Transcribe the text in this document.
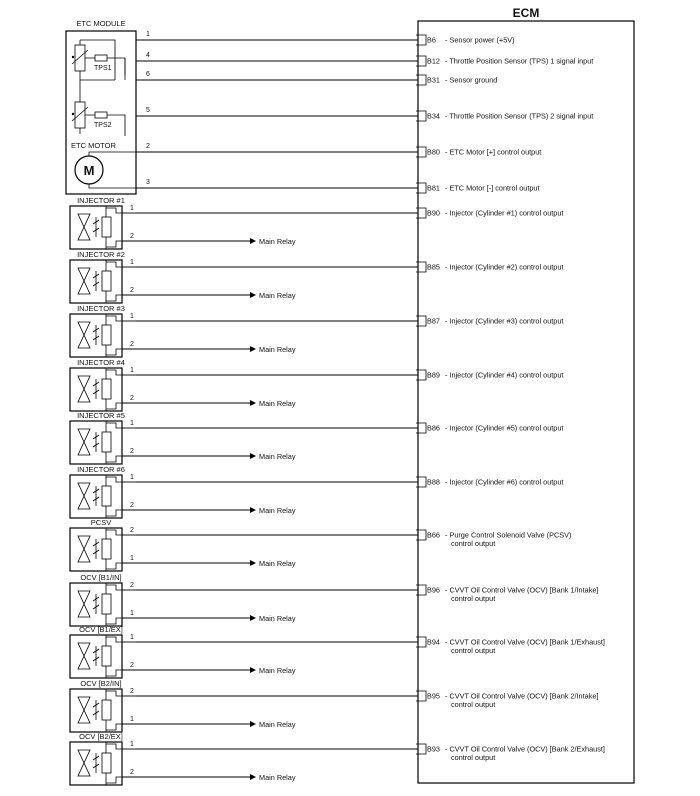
ECM
ETC MODULE
TPS1
TPS2
ETC MOTOR
M
1
B6 - Sensor power (+5V)
4
B12 - Throttle Position Sensor (TPS) 1 signal input
6
B31 - Sensor ground
5
B34 - Throttle Position Sensor (TPS) 2 signal input
2
B80 - ETC Motor [+] control output
3
B81 - ETC Motor [-] control output
INJECTOR #1
1	B90 - Injector (Cylinder #1) control output
2
Main Relay
INJECTOR #2
1	B85 - Injector (Cylinder #2) control output
2
Main Relay
INJECTOR #3
1	B87 - Injector (Cylinder #3) control output
2
Main Relay
INJECTOR #4
1	B89 - Injector (Cylinder #4) control output
2
Main Relay
INJECTOR #5
1	B86 - Injector (Cylinder #5) control output
2
Main Relay
INJECTOR #6
1	B88 - Injector (Cylinder #6) control output
2
Main Relay
PCSV
2	B66 - Purge Control Solenoid Valve (PCSV)
control output
1
Main Relay
OCV [B1/IN]
2	B96 - CVVT Oil Control Valve (OCV) [Bank 1/Intake]
control output
1
Main Relay
OCV [B1/EX]
1	B94 - CVVT Oil Control Valve (OCV) [Bank 1/Exhaust]
control output
2
Main Relay
OCV [B2/IN]
2	B95 - CVVT Oil Control Valve (OCV) [Bank 2/Intake]
control output
1
Main Relay
OCV [B2/EX]
1	B93 - CVVT Oil Control Valve (OCV) [Bank 2/Exhaust]
control output
2
Main Relay
